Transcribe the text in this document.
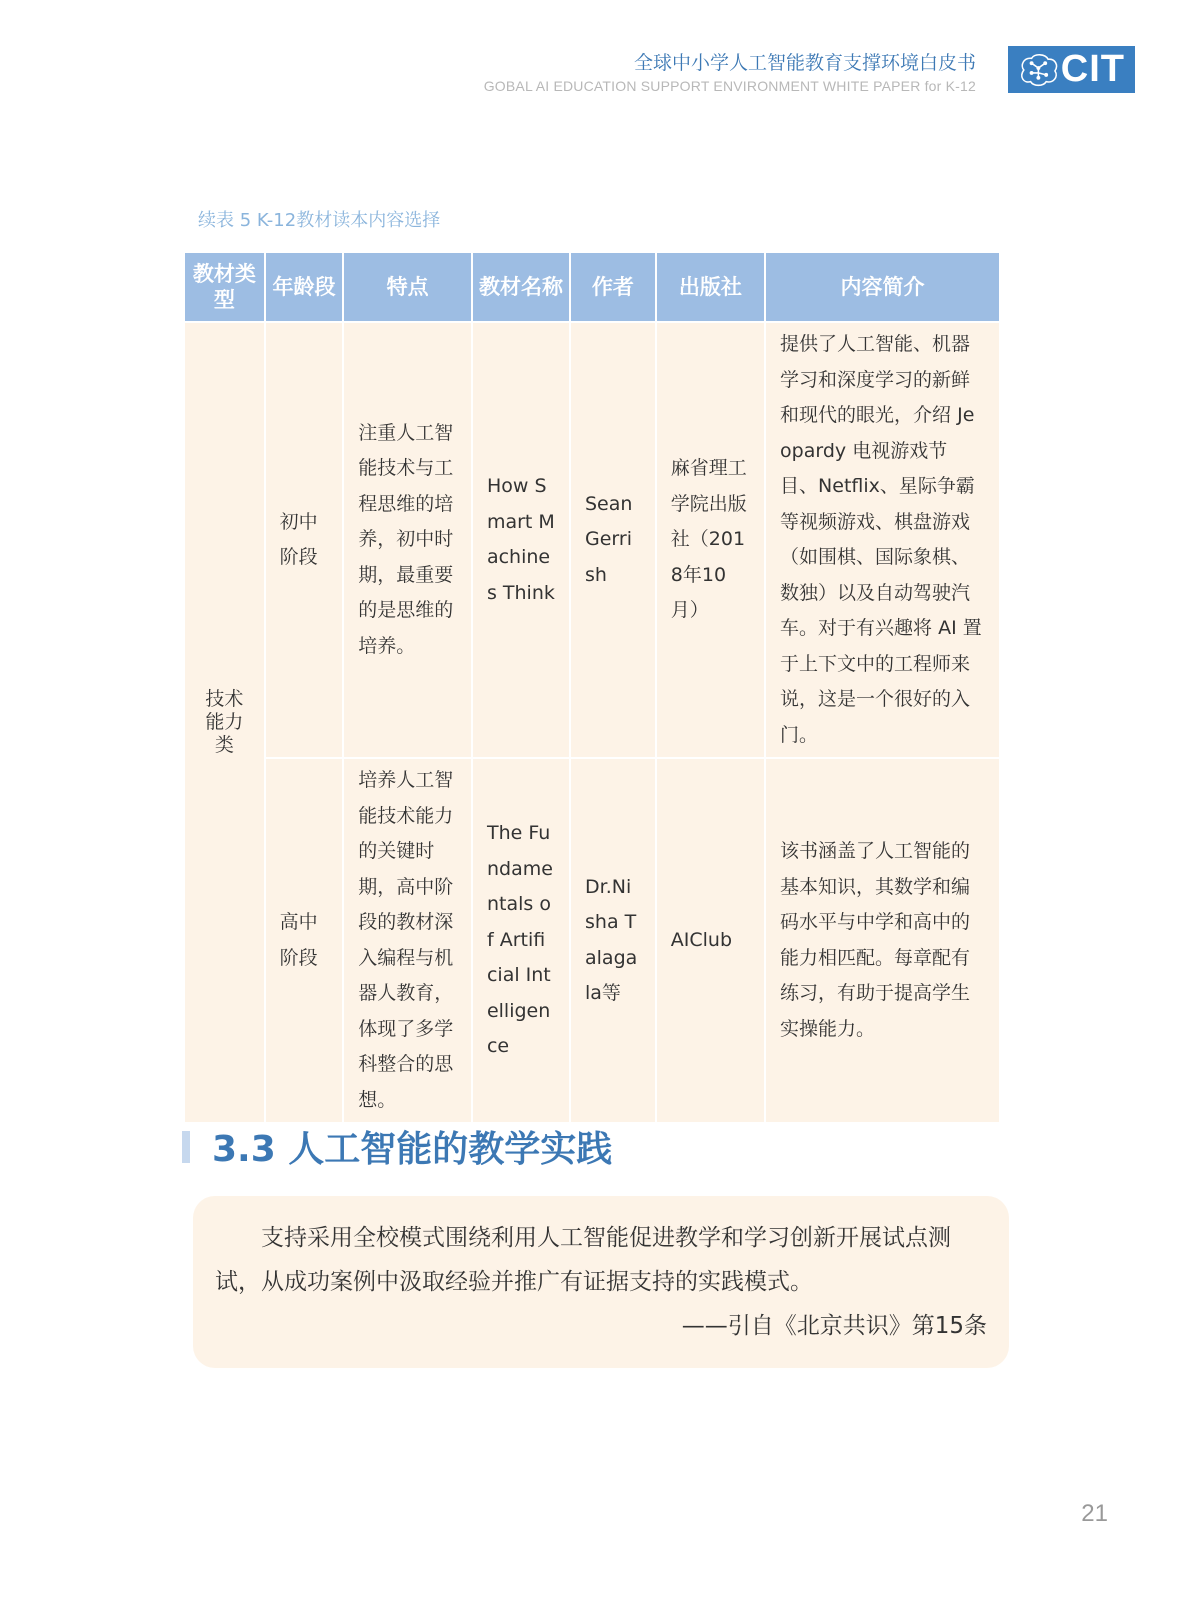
全球中小学人工智能教育支撑环境白皮书
GOBAL AI EDUCATION SUPPORT ENVIRONMENT WHITE PAPER for K-12 CIT
续表 5 K-12教材读本内容选择
教材类型	年龄段	特点	教材名称	作者	出版社	内容简介

技术能力类	初中阶段	注重人工智能技术与工程思维的培养，初中时期，最重要的是思维的培养。	How Smart Machines Think	Sean Gerrish	麻省理工学院出版社（2018年10月）	提供了人工智能、机器学习和深度学习的新鲜和现代的眼光，介绍 Jeopardy 电视游戏节目、Netflix、星际争霸等视频游戏、棋盘游戏（如围棋、国际象棋、数独）以及自动驾驶汽车。对于有兴趣将 AI 置于上下文中的工程师来说，这是一个很好的入门。
	高中阶段	培养人工智能技术能力的关键时期，高中阶段的教材深入编程与机器人教育，体现了多学科整合的思想。	The Fundamentals of Artificial Intelligence	Dr.Nisha Talagala等	AIClub	该书涵盖了人工智能的基本知识，其数学和编码水平与中学和高中的能力相匹配。每章配有练习，有助于提高学生实操能力。
3.3 人工智能的教学实践
支持采用全校模式围绕利用人工智能促进教学和学习创新开展试点测试，从成功案例中汲取经验并推广有证据支持的实践模式。
——引自《北京共识》第15条
21
